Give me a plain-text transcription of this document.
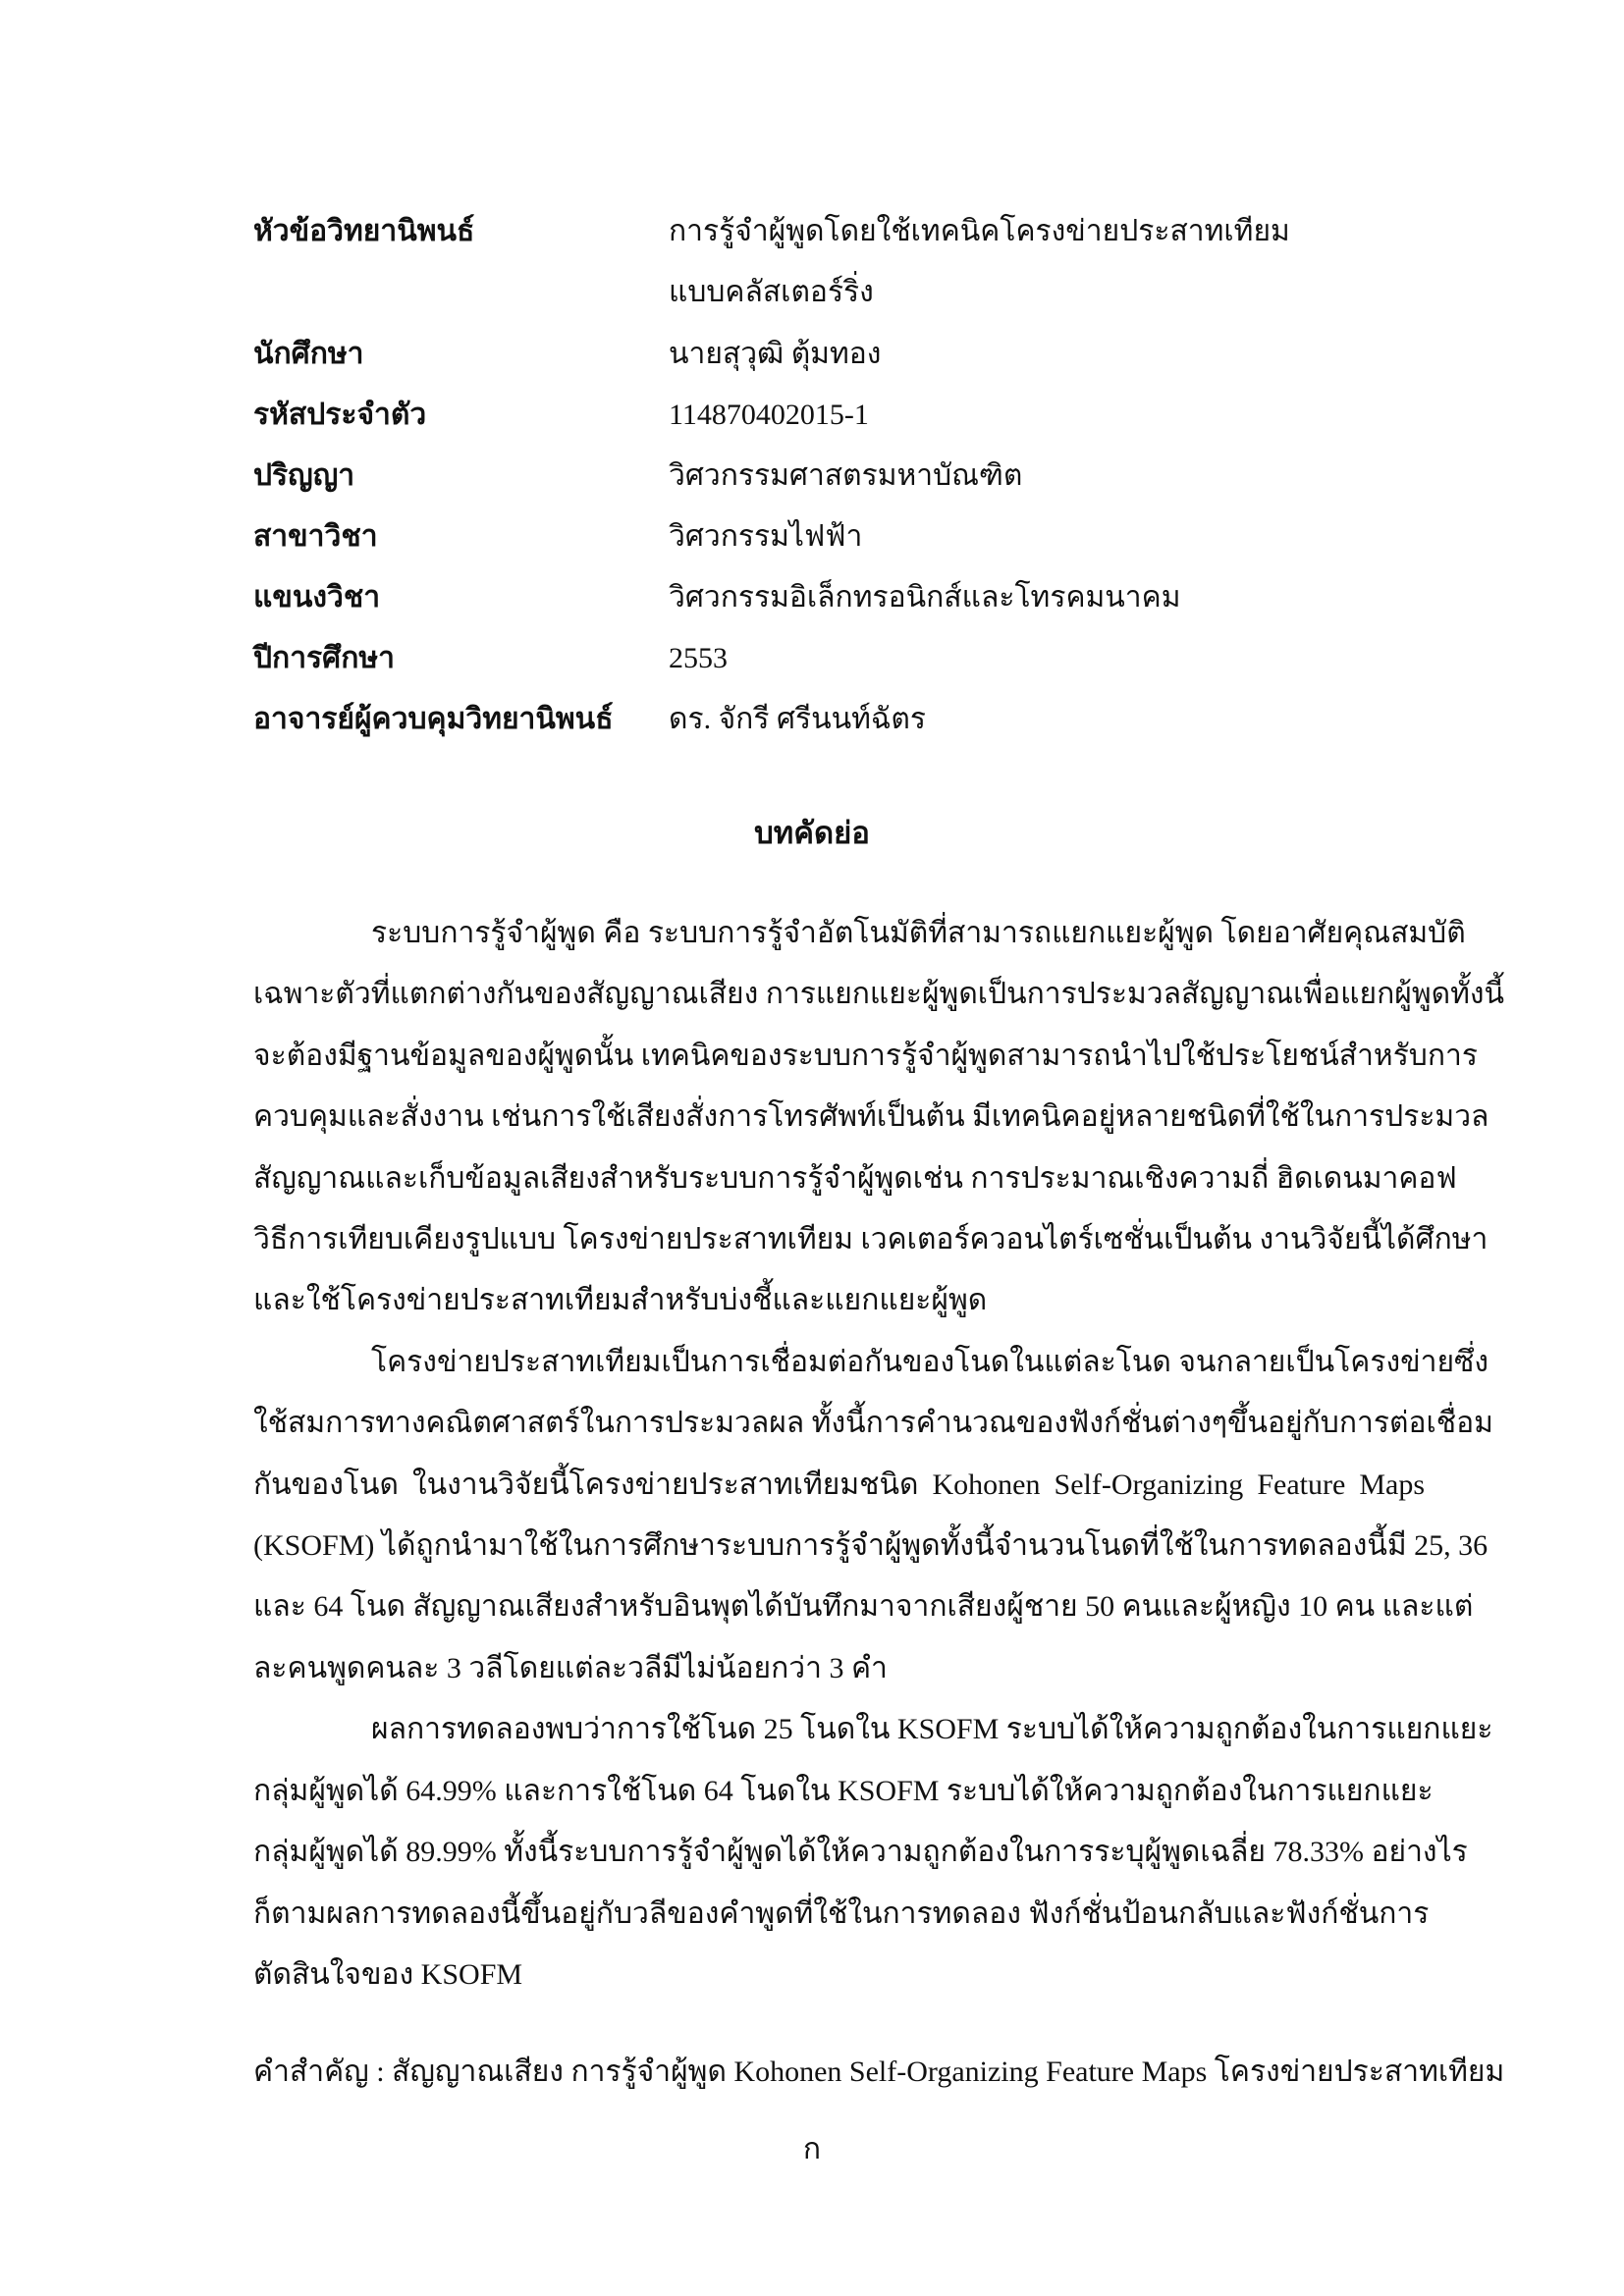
หัวข้อวิทยานิพนธ์	การรู้จำผู้พูดโดยใช้เทคนิคโครงข่ายประสาทเทียม
แบบคลัสเตอร์ริ่ง
นักศึกษา	นายสุวุฒิ ตุ้มทอง
รหัสประจำตัว	114870402015-1
ปริญญา	วิศวกรรมศาสตรมหาบัณฑิต
สาขาวิชา	วิศวกรรมไฟฟ้า
แขนงวิชา	วิศวกรรมอิเล็กทรอนิกส์และโทรคมนาคม
ปีการศึกษา	2553
อาจารย์ผู้ควบคุมวิทยานิพนธ์	ดร. จักรี ศรีนนท์ฉัตร
บทคัดย่อ
ระบบการรู้จำผู้พูด คือ ระบบการรู้จำอัตโนมัติที่สามารถแยกแยะผู้พูด โดยอาศัยคุณสมบัติ
เฉพาะตัวที่แตกต่างกันของสัญญาณเสียง การแยกแยะผู้พูดเป็นการประมวลสัญญาณเพื่อแยกผู้พูดทั้งนี้
จะต้องมีฐานข้อมูลของผู้พูดนั้น เทคนิคของระบบการรู้จำผู้พูดสามารถนำไปใช้ประโยชน์สำหรับการ
ควบคุมและสั่งงาน เช่นการใช้เสียงสั่งการโทรศัพท์เป็นต้น มีเทคนิคอยู่หลายชนิดที่ใช้ในการประมวล
สัญญาณและเก็บข้อมูลเสียงสำหรับระบบการรู้จำผู้พูดเช่น การประมาณเชิงความถี่ ฮิดเดนมาคอฟ
วิธีการเทียบเคียงรูปแบบ โครงข่ายประสาทเทียม เวคเตอร์ควอนไตร์เซชั่นเป็นต้น งานวิจัยนี้ได้ศึกษา
และใช้โครงข่ายประสาทเทียมสำหรับบ่งชี้และแยกแยะผู้พูด
โครงข่ายประสาทเทียมเป็นการเชื่อมต่อกันของโนดในแต่ละโนด จนกลายเป็นโครงข่ายซึ่ง
ใช้สมการทางคณิตศาสตร์ในการประมวลผล ทั้งนี้การคำนวณของฟังก์ชั่นต่างๆขึ้นอยู่กับการต่อเชื่อม
กันของโนด ในงานวิจัยนี้โครงข่ายประสาทเทียมชนิด Kohonen Self-Organizing Feature Maps
(KSOFM) ได้ถูกนำมาใช้ในการศึกษาระบบการรู้จำผู้พูดทั้งนี้จำนวนโนดที่ใช้ในการทดลองนี้มี 25, 36
และ 64 โนด สัญญาณเสียงสำหรับอินพุตได้บันทึกมาจากเสียงผู้ชาย 50 คนและผู้หญิง 10 คน และแต่
ละคนพูดคนละ 3 วลีโดยแต่ละวลีมีไม่น้อยกว่า 3 คำ
ผลการทดลองพบว่าการใช้โนด 25 โนดใน KSOFM ระบบได้ให้ความถูกต้องในการแยกแยะ
กลุ่มผู้พูดได้ 64.99% และการใช้โนด 64 โนดใน KSOFM ระบบได้ให้ความถูกต้องในการแยกแยะ
กลุ่มผู้พูดได้ 89.99% ทั้งนี้ระบบการรู้จำผู้พูดได้ให้ความถูกต้องในการระบุผู้พูดเฉลี่ย 78.33% อย่างไร
ก็ตามผลการทดลองนี้ขึ้นอยู่กับวลีของคำพูดที่ใช้ในการทดลอง ฟังก์ชั่นป้อนกลับและฟังก์ชั่นการ
ตัดสินใจของ KSOFM
คำสำคัญ : สัญญาณเสียง การรู้จำผู้พูด Kohonen Self-Organizing Feature Maps โครงข่ายประสาทเทียม
ก
